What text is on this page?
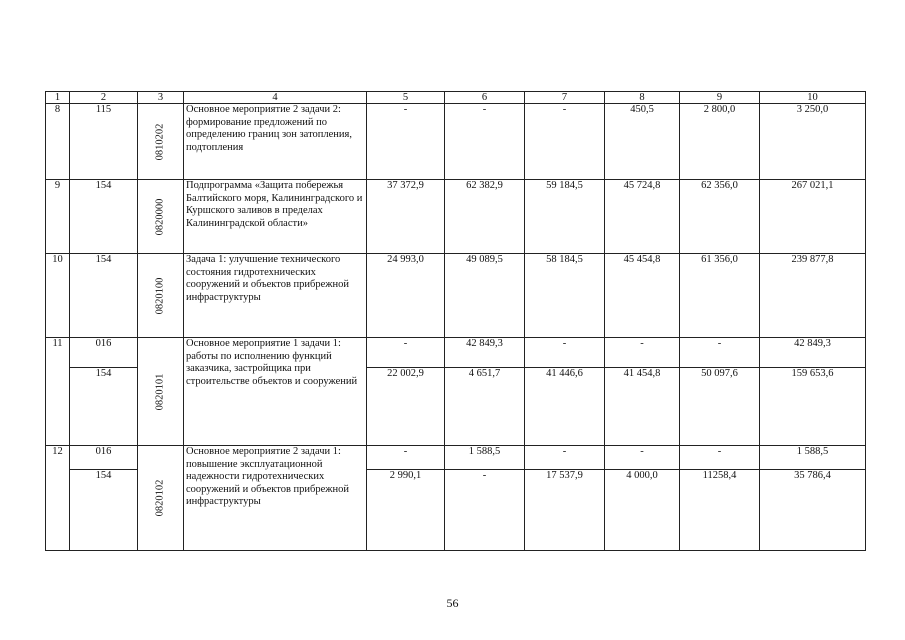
1	2	3	4	5	6	7	8	9	10
8	115	0810202	Основное мероприятие 2 задачи 2: формирование предложений по определению границ зон затопления, подтопления	-	-	-	450,5	2 800,0	3 250,0
9	154	0820000	Подпрограмма «Защита побережья Балтийского моря, Калининградского и Куршского заливов в пределах Калининградской области»	37 372,9	62 382,9	59 184,5	45 724,8	62 356,0	267 021,1
10	154	0820100	Задача 1: улучшение технического состояния гидротехнических сооружений и объектов прибрежной инфраструктуры	24 993,0	49 089,5	58 184,5	45 454,8	61 356,0	239 877,8
11	016	0820101	Основное мероприятие 1 задачи 1: работы по исполнению функций заказчика, застройщика при строительстве объектов и сооружений	-	42 849,3	-	-	-	42 849,3
	154			22 002,9	4 651,7	41 446,6	41 454,8	50 097,6	159 653,6
12	016	0820102	Основное мероприятие 2 задачи 1: повышение эксплуатационной надежности гидротехнических сооружений и объектов прибрежной инфраструктуры	-	1 588,5	-	-	-	1 588,5
	154			2 990,1	-	17 537,9	4 000,0	11258,4	35 786,4
56
